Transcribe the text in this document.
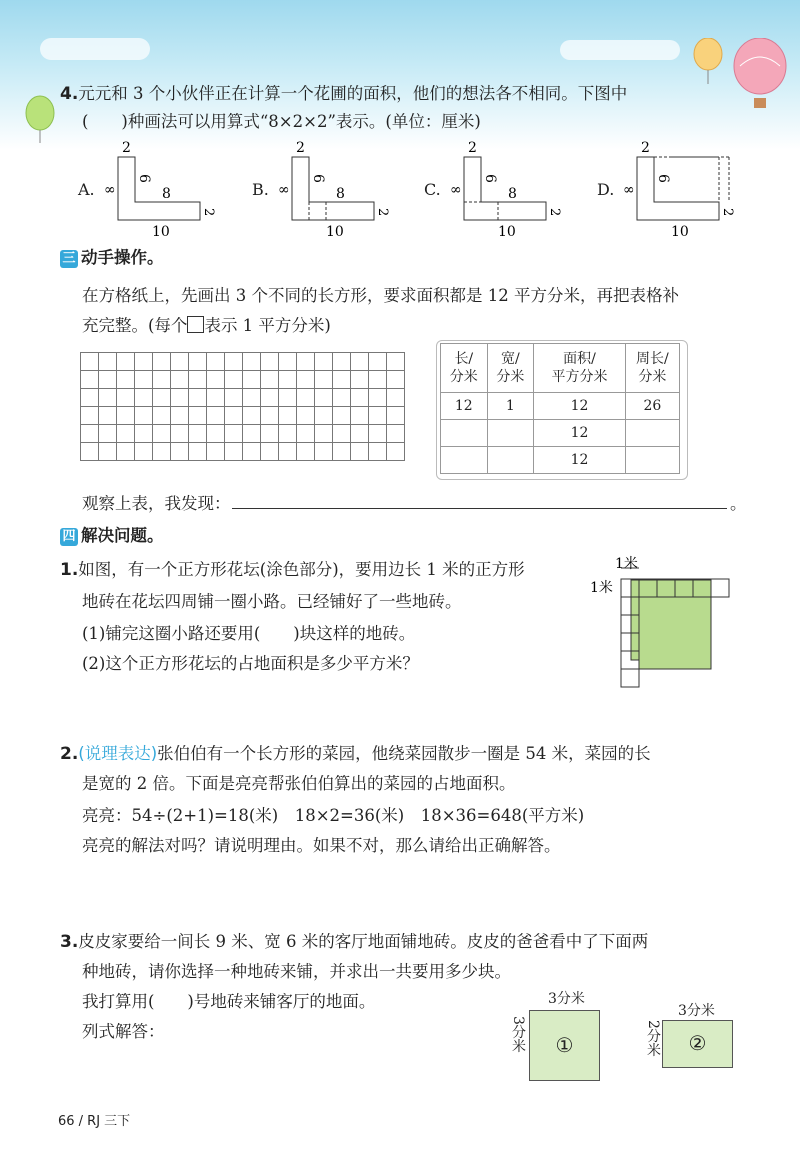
4.元元和 3 个小伙伴正在计算一个花圃的面积，他们的想法各不相同。下图中
(　　)种画法可以用算式“8×2×2”表示。(单位：厘米)
A.
2
6
8
10
2
∞	B.
2
6
8
10
2
∞	C.
2
6
8
10
2
∞	D.
2
6
10
2
∞
三 动手操作。
在方格纸上，先画出 3 个不同的长方形，要求面积都是 12 平方分米，再把表格补
充完整。(每个 表示 1 平方分米)
长/
分米	宽/
分米	面积/
平方分米	周长/
分米
12	1	12	26
		12	
		12	
观察上表，我发现：	。
四 解决问题。
1.如图，有一个正方形花坛(涂色部分)，要用边长 1 米的正方形
地砖在花坛四周铺一圈小路。已经铺好了一些地砖。
(1)铺完这圈小路还要用(　　)块这样的地砖。
(2)这个正方形花坛的占地面积是多少平方米？
1米
1米
2.(说理表达)张伯伯有一个长方形的菜园，他绕菜园散步一圈是 54 米，菜园的长
是宽的 2 倍。下面是亮亮帮张伯伯算出的菜园的占地面积。
亮亮：54÷(2+1)=18(米)　18×2=36(米)　18×36=648(平方米)
亮亮的解法对吗？请说明理由。如果不对，那么请给出正确解答。
3.皮皮家要给一间长 9 米、宽 6 米的客厅地面铺地砖。皮皮的爸爸看中了下面两
种地砖，请你选择一种地砖来铺，并求出一共要用多少块。
我打算用(　　)号地砖来铺客厅的地面。
列式解答：
3分米
3分米	①
3分米
2分米	②
66 / RJ 三下
